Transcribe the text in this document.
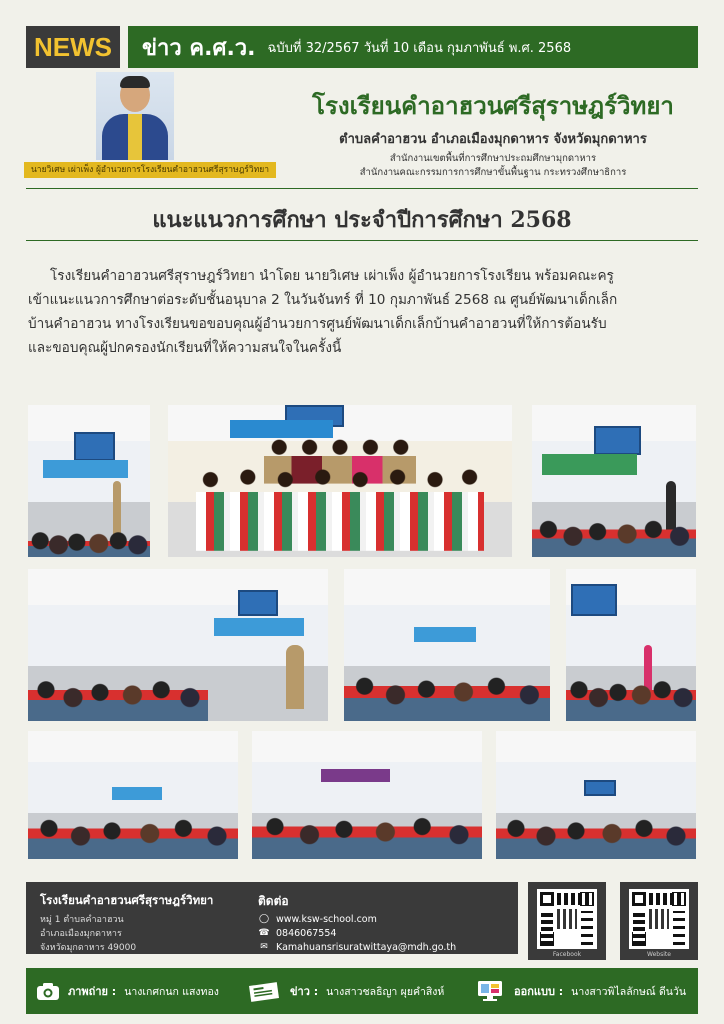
NEWS	ข่าว ค.ศ.ว. ฉบับที่ 32/2567 วันที่ 10 เดือน กุมภาพันธ์ พ.ศ. 2568
นายวิเศษ เผ่าเพ็ง ผู้อำนวยการโรงเรียนคำอาฮวนศรีสุราษฎร์วิทยา
โรงเรียนคำอาฮวนศรีสุราษฎร์วิทยา
ตำบลคำอาฮวน อำเภอเมืองมุกดาหาร จังหวัดมุกดาหาร
สำนักงานเขตพื้นที่การศึกษาประถมศึกษามุกดาหาร
สำนักงานคณะกรรมการการศึกษาขั้นพื้นฐาน กระทรวงศึกษาธิการ
แนะแนวการศึกษา ประจำปีการศึกษา 2568

โรงเรียนคำอาฮวนศรีสุราษฎร์วิทยา นำโดย นายวิเศษ เผ่าเพ็ง ผู้อำนวยการโรงเรียน พร้อมคณะครู

เข้าแนะแนวการศึกษาต่อระดับชั้นอนุบาล 2 ในวันจันทร์ ที่ 10 กุมภาพันธ์ 2568 ณ ศูนย์พัฒนาเด็กเล็ก

บ้านคำอาฮวน ทางโรงเรียนขอขอบคุณผู้อำนวยการศูนย์พัฒนาเด็กเล็กบ้านคำอาฮวนที่ให้การต้อนรับ

และขอบคุณผู้ปกครองนักเรียนที่ให้ความสนใจในครั้งนี้

โรงเรียนคำอาฮวนศรีสุราษฎร์วิทยา
หมู่ 1 ตำบลคำอาฮวน
อำเภอเมืองมุกดาหาร
จังหวัดมุกดาหาร 49000
ติดต่อ
◯ www.ksw-school.com
☎ 0846067554
✉ Kamahuansrisuratwittaya@mdh.go.th
Facebook	Website
ภาพถ่าย : นางเกศกนก แสงทอง	ข่าว : นางสาวชลธิญา ผุยคำสิงห์	ออกแบบ : นางสาวพิไลลักษณ์ ดีนวัน
